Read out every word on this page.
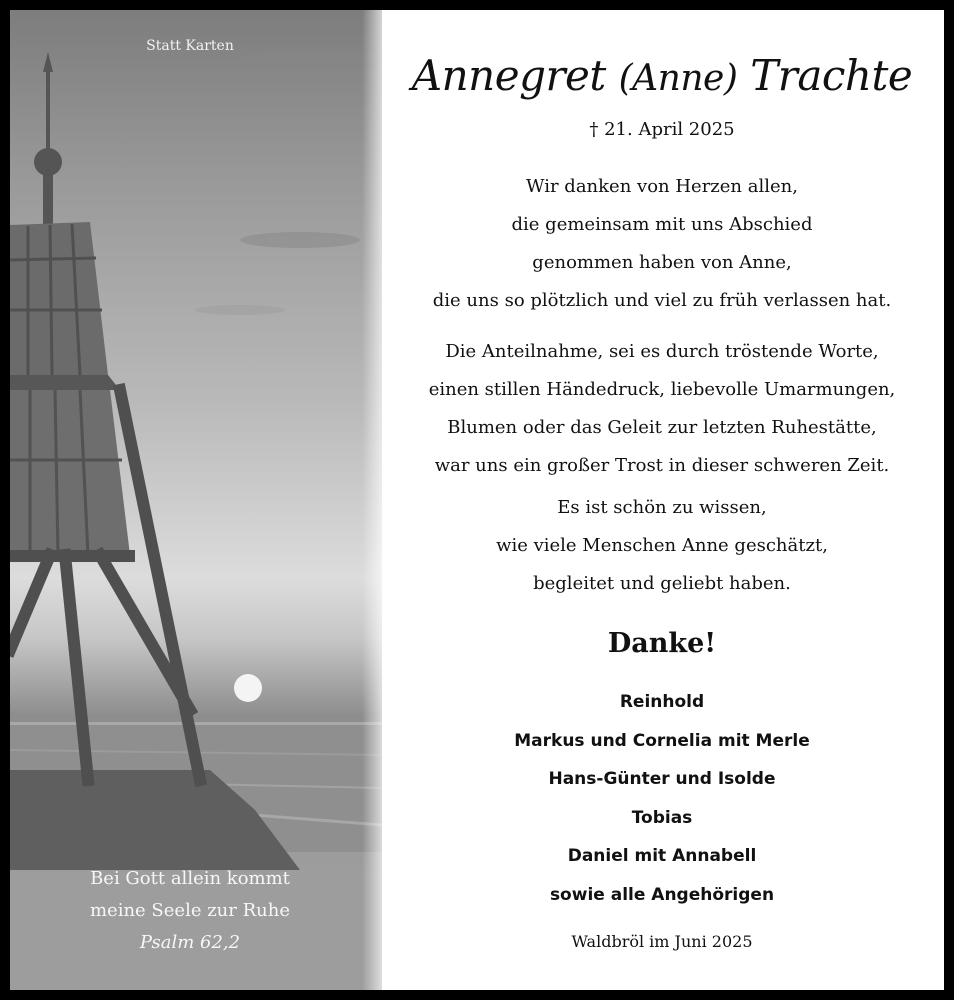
Statt Karten
Bei Gott allein kommt
meine Seele zur Ruhe
Psalm 62,2
Annegret (Anne) Trachte
† 21. April 2025
Wir danken von Herzen allen,
die gemeinsam mit uns Abschied
genommen haben von Anne,
die uns so plötzlich und viel zu früh verlassen hat.
Die Anteilnahme, sei es durch tröstende Worte,
einen stillen Händedruck, liebevolle Umarmungen,
Blumen oder das Geleit zur letzten Ruhestätte,
war uns ein großer Trost in dieser schweren Zeit.
Es ist schön zu wissen,
wie viele Menschen Anne geschätzt,
begleitet und geliebt haben.
Danke!
Reinhold
Markus und Cornelia mit Merle
Hans-Günter und Isolde
Tobias
Daniel mit Annabell
sowie alle Angehörigen
Waldbröl im Juni 2025
